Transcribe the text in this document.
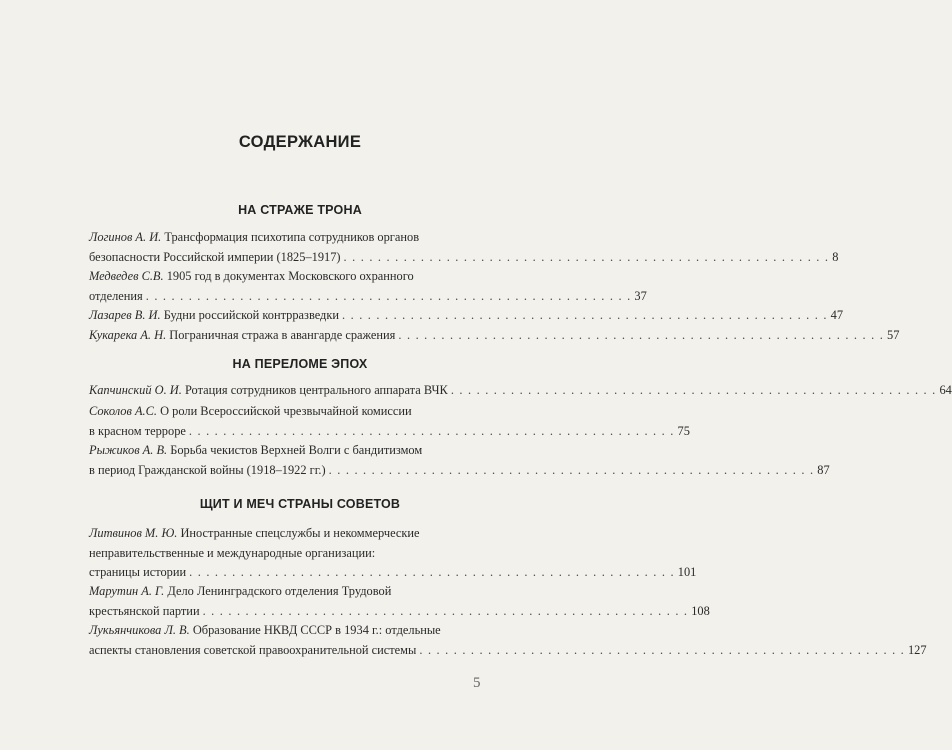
СОДЕРЖАНИЕ
НА СТРАЖЕ ТРОНА
Логинов А. И. Трансформация психотипа сотрудников органов
безопасности Российской империи (1825–1917) . . . . . . . . . . . . . . . . . . . . . . . . . . . . . . . . . . . . . . . . . . . . . . . . . . . . . . . . . 8
Медведев С.В. 1905 год в документах Московского охранного
отделения . . . . . . . . . . . . . . . . . . . . . . . . . . . . . . . . . . . . . . . . . . . . . . . . . . . . . . . . . 37
Лазарев В. И. Будни российской контрразведки . . . . . . . . . . . . . . . . . . . . . . . . . . . . . . . . . . . . . . . . . . . . . . . . . . . . . . . . . 47
Кукарека А. Н. Пограничная стража в авангарде сражения . . . . . . . . . . . . . . . . . . . . . . . . . . . . . . . . . . . . . . . . . . . . . . . . . . . . . . . . . 57
НА ПЕРЕЛОМЕ ЭПОХ
Капчинский О. И. Ротация сотрудников центрального аппарата ВЧК . . . . . . . . . . . . . . . . . . . . . . . . . . . . . . . . . . . . . . . . . . . . . . . . . . . . . . . . . 64
Соколов А.С. О роли Всероссийской чрезвычайной комиссии
в красном терроре . . . . . . . . . . . . . . . . . . . . . . . . . . . . . . . . . . . . . . . . . . . . . . . . . . . . . . . . . 75
Рыжиков А. В. Борьба чекистов Верхней Волги с бандитизмом
в период Гражданской войны (1918–1922 гг.) . . . . . . . . . . . . . . . . . . . . . . . . . . . . . . . . . . . . . . . . . . . . . . . . . . . . . . . . . 87
ЩИТ И МЕЧ СТРАНЫ СОВЕТОВ
Литвинов М. Ю. Иностранные спецслужбы и некоммерческие
неправительственные и международные организации:
страницы истории . . . . . . . . . . . . . . . . . . . . . . . . . . . . . . . . . . . . . . . . . . . . . . . . . . . . . . . . . 101
Марутин А. Г. Дело Ленинградского отделения Трудовой
крестьянской партии . . . . . . . . . . . . . . . . . . . . . . . . . . . . . . . . . . . . . . . . . . . . . . . . . . . . . . . . . 108
Лукьянчикова Л. В. Образование НКВД СССР в 1934 г.: отдельные
аспекты становления советской правоохранительной системы . . . . . . . . . . . . . . . . . . . . . . . . . . . . . . . . . . . . . . . . . . . . . . . . . . . . . . . . . 127
5
